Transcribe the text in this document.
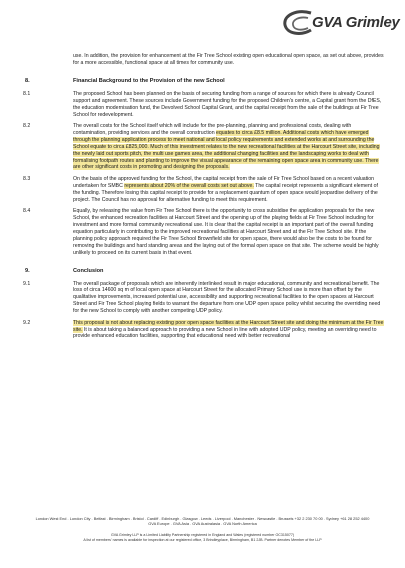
GVA Grimley
use. In addition, the provision for enhancement at the Fir Tree School existing open educational open space, as set out above, provides for a more accessible, functional space at all times for community use.
8.	Financial Background to the Provision of the new School
8.1	The proposed School has been planned on the basis of securing funding from a range of sources for which there is already Council support and agreement. These sources include Government funding for the proposed Children's centre, a Capital grant from the DfES, the education modernisation fund, the Devolved School Capital Grant, and the capital receipt from the sale of the buildings at Fir Tree School for redevelopment.
8.2	The overall costs for the School itself which will include for the pre-planning, planning and professional costs, dealing with contamination, providing services and the overall construction equates to circa £8.5 million. Additional costs which have emerged through the planning application process to meet national and local policy requirements and extended works at and surrounding the School equate to circa £825,000. Much of this investment relates to the new recreational facilities at the Harcourt Street site, including the newly laid out sports pitch, the multi use games area, the additional changing facilities and the landscaping works to deal with formalising footpath routes and planting to improve the visual appearance of the remaining open space area in community use. There are other significant costs in promoting and designing the proposals.
8.3	On the basis of the approved funding for the School, the capital receipt from the sale of Fir Tree School based on a recent valuation undertaken for SMBC represents about 20% of the overall costs set out above. The capital receipt represents a significant element of the funding. Therefore losing this capital receipt to provide for a replacement quantum of open space would jeopardise delivery of the project. The Council has no approval for alternative funding to meet this requirement.
8.4	Equally, by releasing the value from Fir Tree School there is the opportunity to cross subsidise the application proposals for the new School, the enhanced recreation facilities at Harcourt Street and the opening up of the playing fields at Fir Tree School including for investment and more formal community recreational use. It is clear that the capital receipt is an important part of the overall funding equation particularly in contributing to the improved recreational facilities at Harcourt Street and at the Fir Tree School site. If the planning policy approach required the Fir Tree School Brownfield site for open space, there would also be the costs to be found for removing the buildings and hard standing areas and the laying out of the formal open space on that site. The scheme would be highly unlikely to proceed on its current basis in that event.
9.	Conclusion
9.1	The overall package of proposals which are inherently interlinked result in major educational, community and recreational benefit. The loss of circa 14600 sq m of local open space at Harcourt Street for the allocated Primary School use is more than offset by the qualitative improvements, increased potential use, accessibility and supporting recreational facilities to the open spaces at Harcourt Street and Fir Tree School playing fields to warrant the departure from one UDP open space policy whilst securing the overriding need for the new School to comply with another competing UDP policy.
9.2	This proposal is not about replacing existing poor open space facilities at the Harcourt Street site and doing the minimum at the Fir Tree site. It is about taking a balanced approach to providing a new School in line with adopted UDP policy, meeting an overriding need to provide enhanced education facilities, supporting that educational need with better recreational
London West End . London City . Belfast . Birmingham . Bristol . Cardiff . Edinburgh . Glasgow . Leeds . Liverpool . Manchester . Newcastle . Brussels +32 2 230 70 00 . Sydney +61 28 252 4400
GVA Europe . GVA Asia . GVA Australasia . GVA North America
GVA Grimley LLP is a Limited Liability Partnership registered in England and Wales (registered number OC315077)
A list of members' names is available for inspection at our registered office, 3 Brindleyplace, Birmingham, B1 2JB. Partner denotes Member of the LLP
